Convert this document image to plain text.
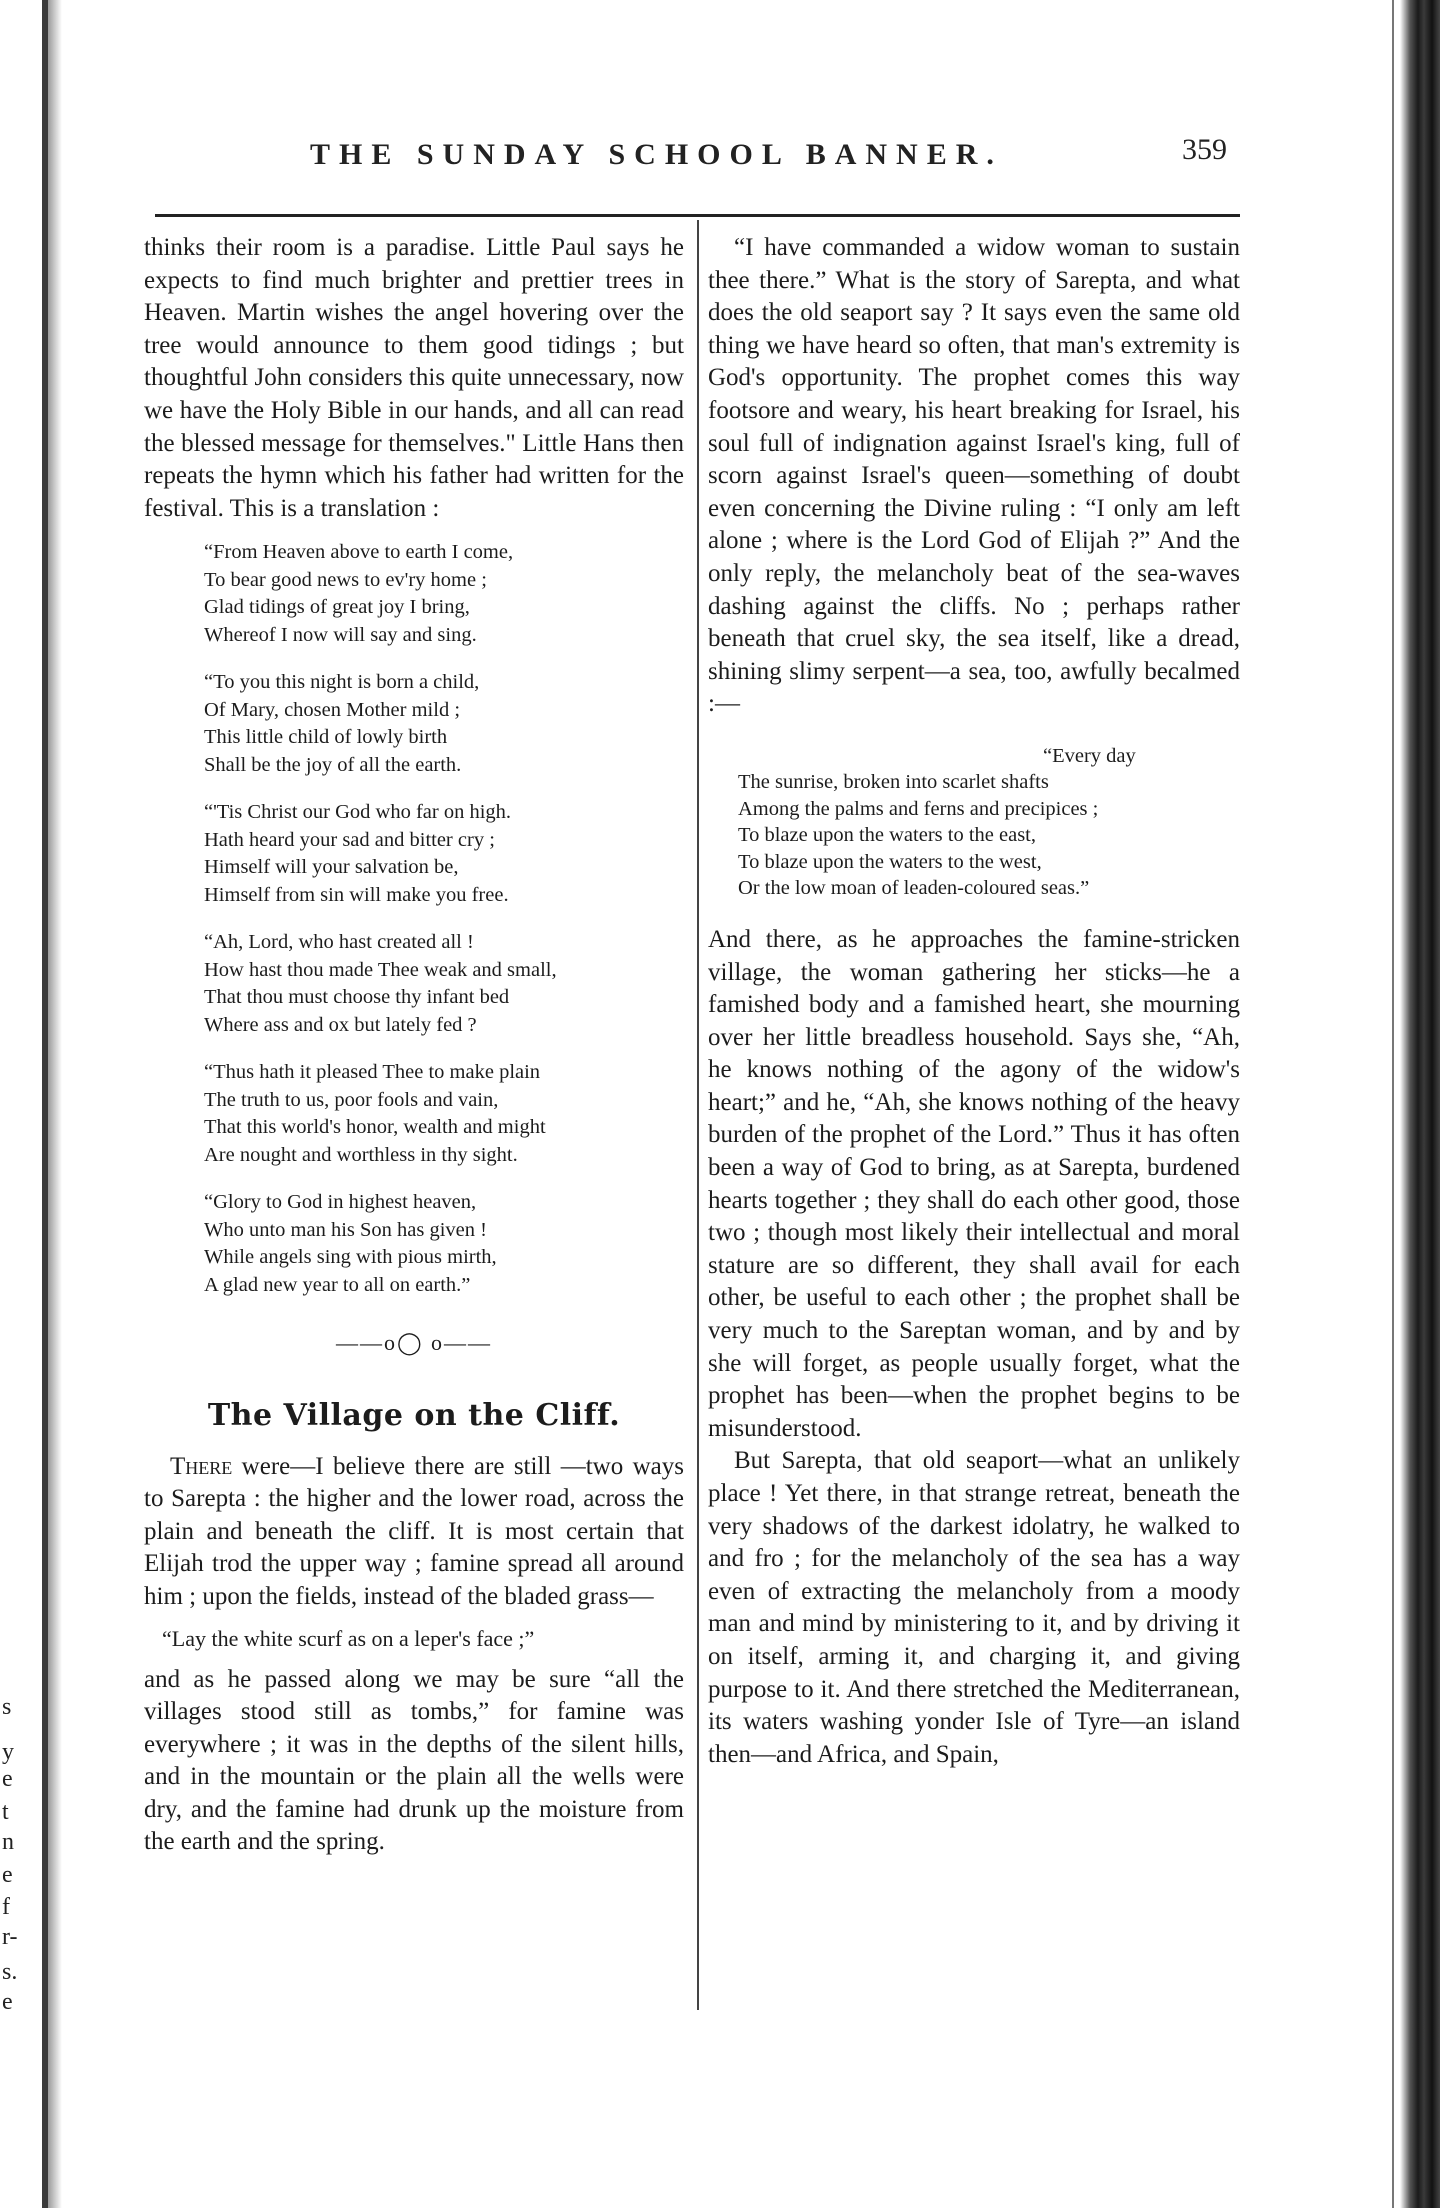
s
y
e
t
n
e
f
r-
s.
e
THE SUNDAY SCHOOL BANNER.	359

thinks their room is a paradise. Little Paul says he expects to find much brighter and prettier trees in Heaven. Martin wishes the angel hovering over the tree would announce to them good tidings ; but thoughtful John considers this quite unnecessary, now we have the Holy Bible in our hands, and all can read the blessed message for themselves." Little Hans then repeats the hymn which his father had written for the festival. This is a translation :

“From Heaven above to earth I come,
To bear good news to ev'ry home ;
Glad tidings of great joy I bring,
Whereof I now will say and sing.
“To you this night is born a child,
Of Mary, chosen Mother mild ;
This little child of lowly birth
Shall be the joy of all the earth.
“'Tis Christ our God who far on high.
Hath heard your sad and bitter cry ;
Himself will your salvation be,
Himself from sin will make you free.
“Ah, Lord, who hast created all !
How hast thou made Thee weak and small,
That thou must choose thy infant bed
Where ass and ox but lately fed ?
“Thus hath it pleased Thee to make plain
The truth to us, poor fools and vain,
That this world's honor, wealth and might
Are nought and worthless in thy sight.
“Glory to God in highest heaven,
Who unto man his Son has given !
While angels sing with pious mirth,
A glad new year to all on earth.”
——o◯ o——
The Village on the Cliff.

There were—I believe there are still —two ways to Sarepta : the higher and the lower road, across the plain and beneath the cliff. It is most certain that Elijah trod the upper way ; famine spread all around him ; upon the fields, instead of the bladed grass—

“Lay the white scurf as on a leper's face ;”

and as he passed along we may be sure “all the villages stood still as tombs,” for famine was everywhere ; it was in the depths of the silent hills, and in the mountain or the plain all the wells were dry, and the famine had drunk up the moisture from the earth and the spring.

“I have commanded a widow woman to sustain thee there.” What is the story of Sarepta, and what does the old seaport say ? It says even the same old thing we have heard so often, that man's extremity is God's opportunity. The prophet comes this way footsore and weary, his heart breaking for Israel, his soul full of indignation against Israel's king, full of scorn against Israel's queen—something of doubt even concerning the Divine ruling : “I only am left alone ; where is the Lord God of Elijah ?” And the only reply, the melancholy beat of the sea-waves dashing against the cliffs. No ; perhaps rather beneath that cruel sky, the sea itself, like a dread, shining slimy serpent—a sea, too, awfully becalmed :—

“Every day
The sunrise, broken into scarlet shafts
Among the palms and ferns and precipices ;
To blaze upon the waters to the east,
To blaze upon the waters to the west,
Or the low moan of leaden-coloured seas.”

And there, as he approaches the famine-stricken village, the woman gathering her sticks—he a famished body and a famished heart, she mourning over her little breadless household. Says she, “Ah, he knows nothing of the agony of the widow's heart;” and he, “Ah, she knows nothing of the heavy burden of the prophet of the Lord.” Thus it has often been a way of God to bring, as at Sarepta, burdened hearts together ; they shall do each other good, those two ; though most likely their intellectual and moral stature are so different, they shall avail for each other, be useful to each other ; the prophet shall be very much to the Sareptan woman, and by and by she will forget, as people usually forget, what the prophet has been—when the prophet begins to be misunderstood.

But Sarepta, that old seaport—what an unlikely place ! Yet there, in that strange retreat, beneath the very shadows of the darkest idolatry, he walked to and fro ; for the melancholy of the sea has a way even of extracting the melancholy from a moody man and mind by ministering to it, and by driving it on itself, arming it, and charging it, and giving purpose to it. And there stretched the Mediterranean, its waters washing yonder Isle of Tyre—an island then—and Africa, and Spain,
